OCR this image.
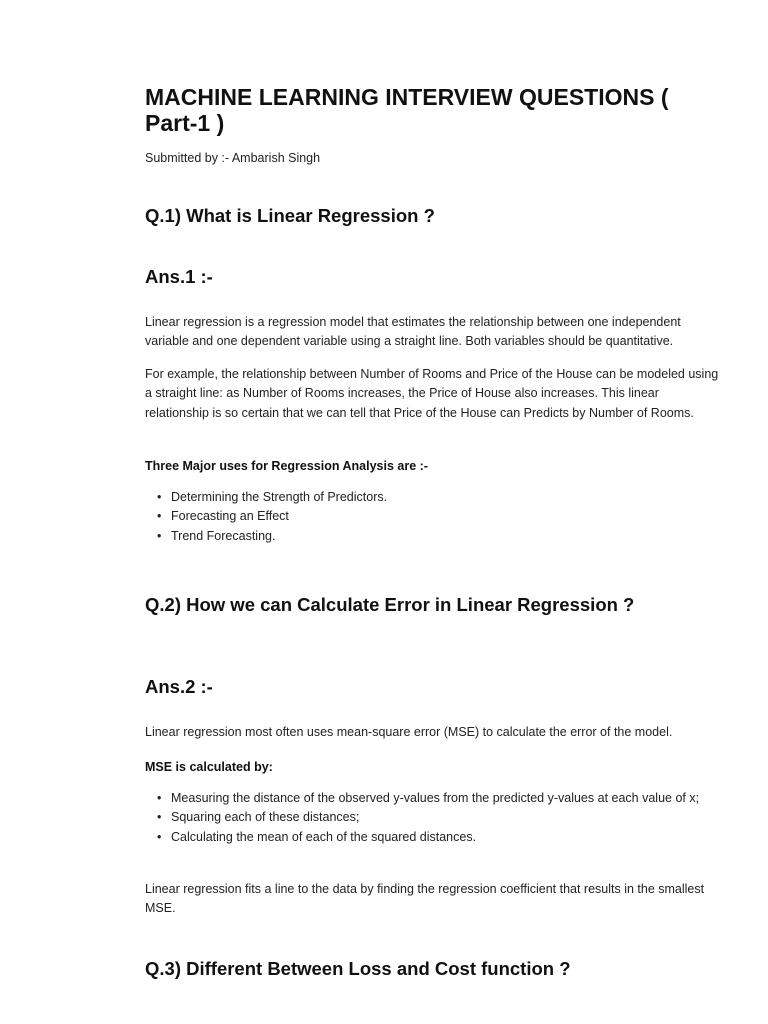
MACHINE LEARNING INTERVIEW QUESTIONS ( Part-1 )

Submitted by :- Ambarish Singh

Q.1) What is Linear Regression ?
Ans.1 :-

Linear regression is a regression model that estimates the relationship between one independent variable and one dependent variable using a straight line. Both variables should be quantitative.

For example, the relationship between Number of Rooms and Price of the House can be modeled using a straight line: as Number of Rooms increases, the Price of House also increases. This linear relationship is so certain that we can tell that Price of the House can Predicts by Number of Rooms.

Three Major uses for Regression Analysis are :-

• Determining the Strength of Predictors.
• Forecasting an Effect
• Trend Forecasting.
Q.2) How we can Calculate Error in Linear Regression ?
Ans.2 :-

Linear regression most often uses mean-square error (MSE) to calculate the error of the model.

MSE is calculated by:

• Measuring the distance of the observed y-values from the predicted y-values at each value of x;
• Squaring each of these distances;
• Calculating the mean of each of the squared distances.

Linear regression fits a line to the data by finding the regression coefficient that results in the smallest MSE.

Q.3) Different Between Loss and Cost function ?
